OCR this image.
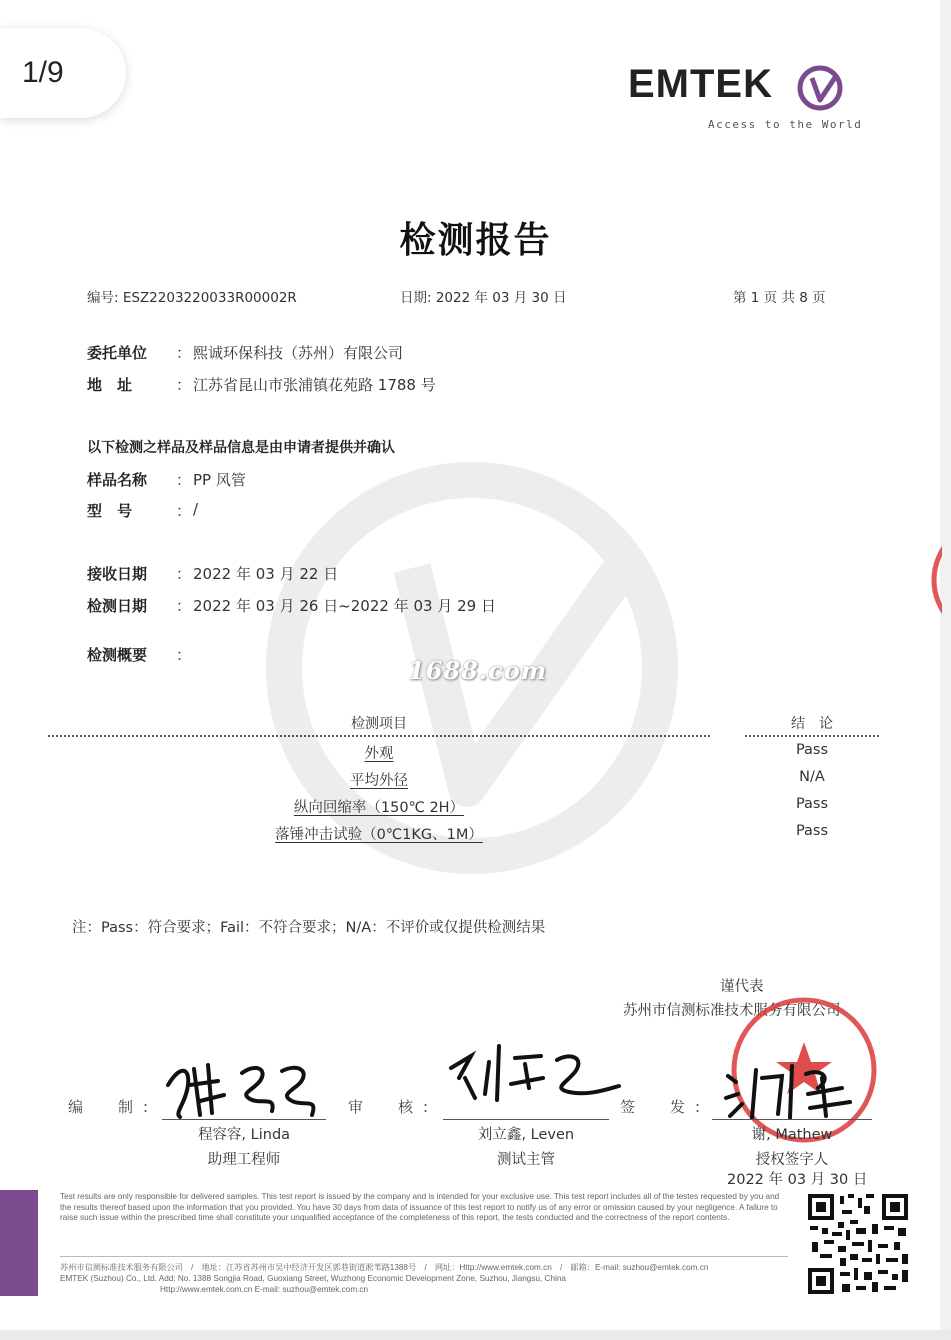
1688.com
1/9	EMTEK
Access to the World
检测报告
编号: ESZ2203220033R00002R	日期: 2022 年 03 月 30 日	第 1 页 共 8 页
委托单位 ： 熙诚环保科技（苏州）有限公司
地　址	： 江苏省昆山市张浦镇花苑路 1788 号
以下检测之样品及样品信息是由申请者提供并确认
样品名称 ： PP 风管
型　号	： /
接收日期 ： 2022 年 03 月 22 日
检测日期 ： 2022 年 03 月 26 日~2022 年 03 月 29 日
检测概要 ：
检测项目	结　论
外观	Pass
平均外径	N/A
纵向回缩率（150℃ 2H）	Pass
落锤冲击试验（0℃1KG、1M）	Pass
注：Pass：符合要求；Fail：不符合要求；N/A：不评价或仅提供检测结果
谨代表
苏州市信测标准技术服务有限公司
编　制:
程容容, Linda
助理工程师
审　核:
刘立鑫, Leven
测试主管
签　发:
谢, Mathew
授权签字人
2022 年 03 月 30 日
Test results are only responsible for delivered samples. This test report is issued by the company and is intended for your exclusive use. This test report includes all of the testes requested by you and the results thereof based upon the information that you provided. You have 30 days from data of issuance of this test report to notify us of any error or omission caused by your negligence. A failure to raise such issue within the prescribed time shall constitute your unqualified acceptance of the completeness of this report, the tests conducted and the correctness of the report contents.
苏州市信测标准技术服务有限公司　/　地址：江苏省苏州市吴中经济开发区郭巷街道淞苇路1388号　/　网址：Http://www.emtek.com.cn　/　邮箱：E-mail: suzhou@emtek.com.cn
EMTEK (Suzhou) Co., Ltd. Add: No. 1388 Songjia Road, Guoxiang Street, Wuzhong Economic Development Zone, Suzhou, Jiangsu, China
Http://www.emtek.com.cn E-mail: suzhou@emtek.com.cn
